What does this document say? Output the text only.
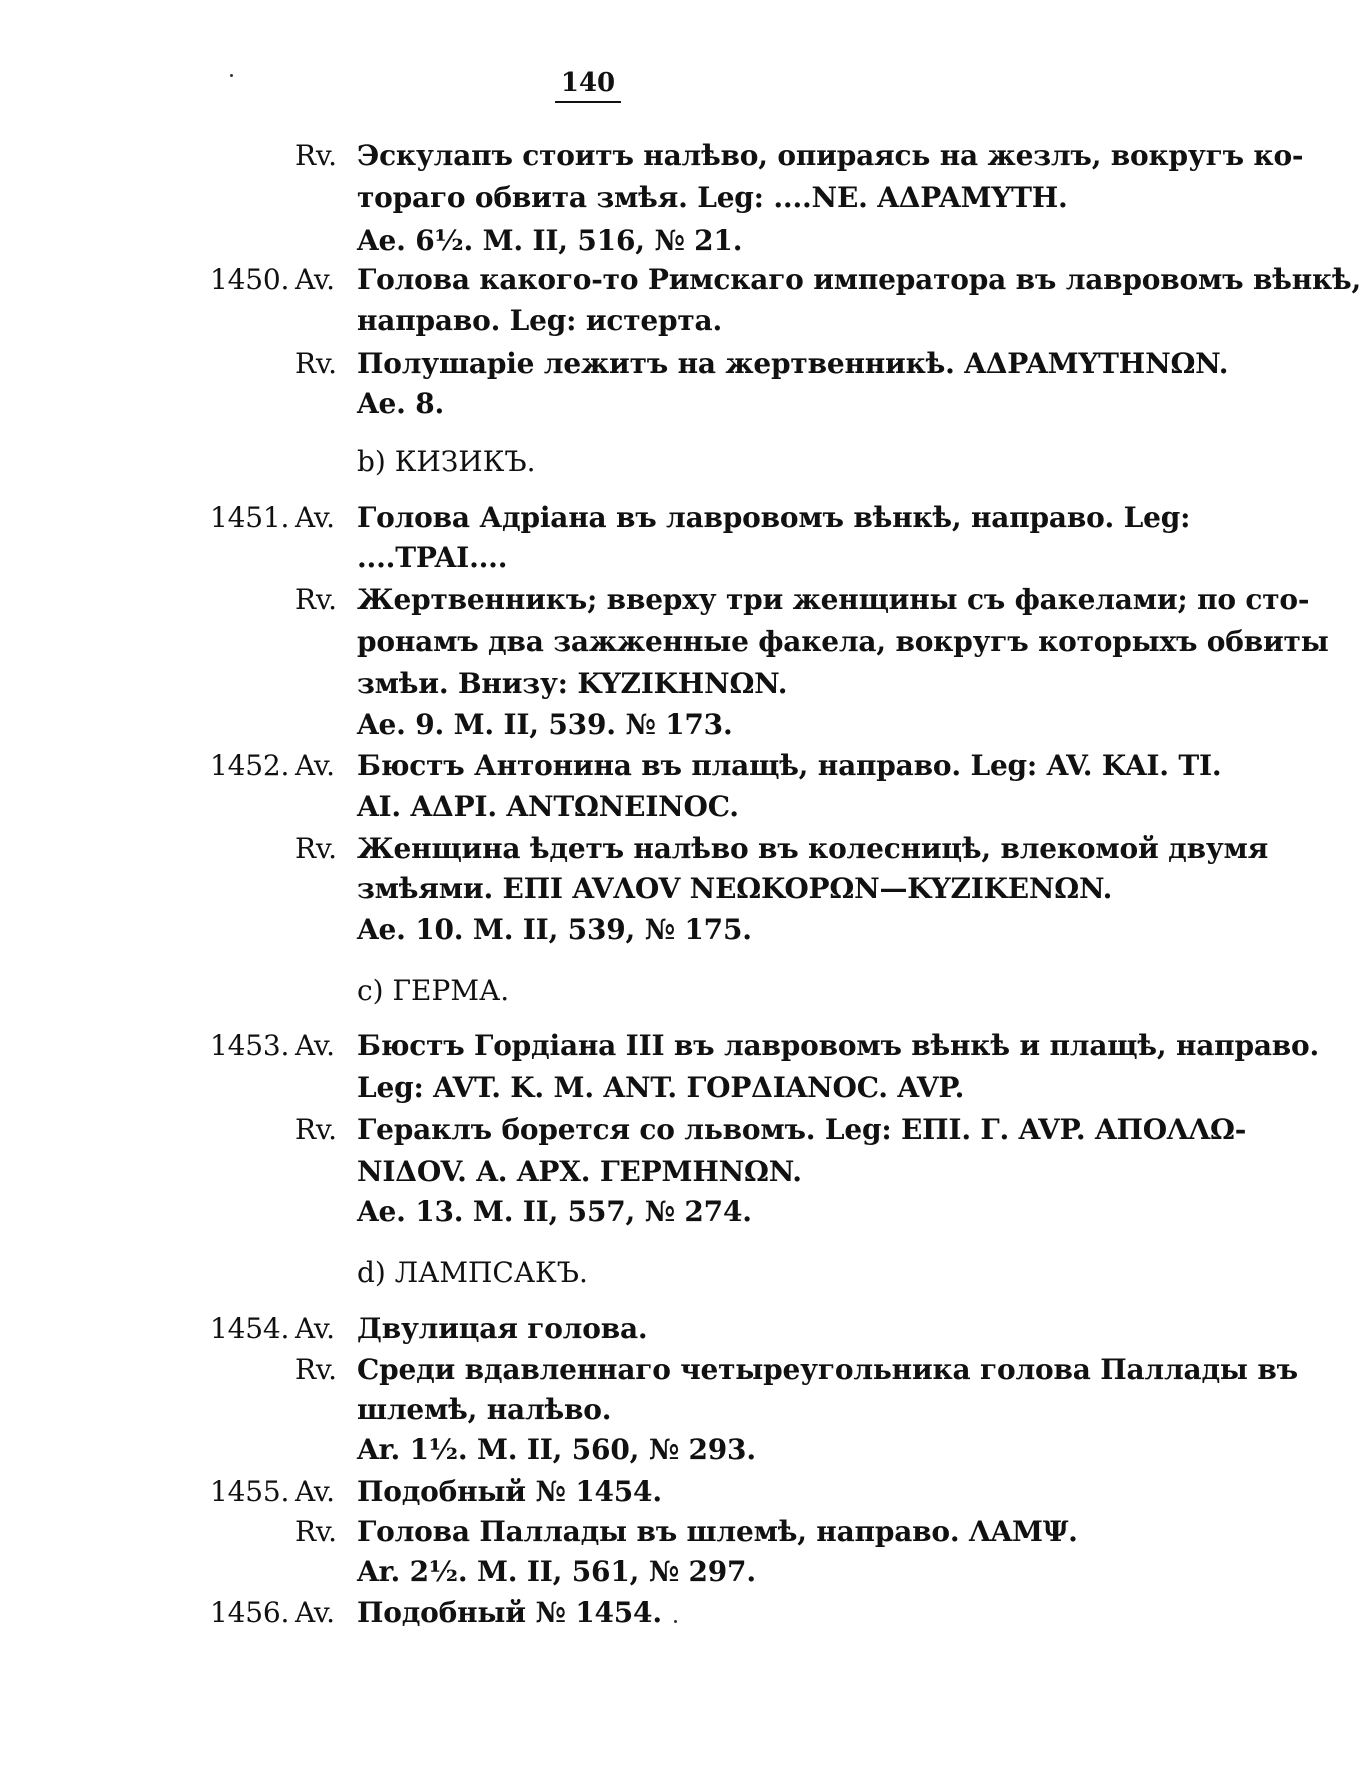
140
Rv. Эскулапъ стоитъ налѣво, опираясь на жезлъ, вокругъ ко-
тораго обвита змѣя. Leg: ....NE. AΔPAMYTH.
Ae. 6½. M. II, 516, № 21.
1450. Av. Голова какого-то Римскаго императора въ лавровомъ вѣнкѣ,
направо. Leg: истерта.
Rv. Полушаріе лежитъ на жертвенникѣ. AΔPAMYTHNΩN.
Ae. 8.
b) КИЗИКЪ.
1451. Av. Голова Адріана въ лавровомъ вѣнкѣ, направо. Leg:
....TPAI....
Rv. Жертвенникъ; вверху три женщины съ факелами; по сто-
ронамъ два зажженные факела, вокругъ которыхъ обвиты
змѣи. Внизу: KYZIKHNΩN.
Ae. 9. M. II, 539. № 173.
1452. Av. Бюстъ Антонина въ плащѣ, направо. Leg: AV. KAI. TI.
AI. AΔPI. ANTΩNEINOC.
Rv. Женщина ѣдетъ налѣво въ колесницѣ, влекомой двумя
змѣями. ЕПІ AVΛOV NEΩKOPΩN—KYZIKENΩN.
Ae. 10. M. II, 539, № 175.
c) ГЕРМА.
1453. Av. Бюстъ Гордіана III въ лавровомъ вѣнкѣ и плащѣ, направо.
Leg: AVT. K. M. ANT. ΓOPΔIANOC. AVP.
Rv. Гераклъ борется со львомъ. Leg: ЕПІ. Г. AVP. AПOΛΛΩ-
NIΔOV. A. APX. ΓEPMHNΩN.
Ae. 13. M. II, 557, № 274.
d) ЛАМПСАКЪ.
1454. Av. Двулицая голова.
Rv. Среди вдавленнаго четыреугольника голова Паллады въ
шлемѣ, налѣво.
Ar. 1½. M. II, 560, № 293.
1455. Av. Подобный № 1454.
Rv. Голова Паллады въ шлемѣ, направо. ΛAMΨ.
Ar. 2½. M. II, 561, № 297.
1456. Av. Подобный № 1454.
